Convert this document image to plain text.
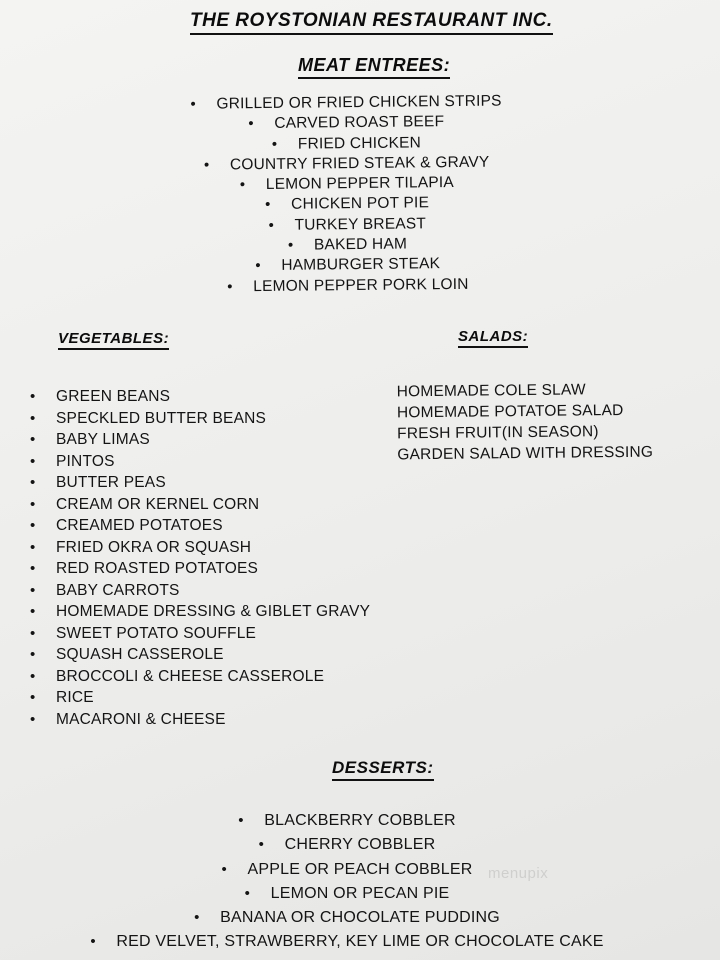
THE ROYSTONIAN RESTAURANT INC.
MEAT ENTREES:
• GRILLED OR FRIED CHICKEN STRIPS
• CARVED ROAST BEEF
• FRIED CHICKEN
• COUNTRY FRIED STEAK & GRAVY
• LEMON PEPPER TILAPIA
• CHICKEN POT PIE
• TURKEY BREAST
• BAKED HAM
• HAMBURGER STEAK
• LEMON PEPPER PORK LOIN
VEGETABLES:
• GREEN BEANS
• SPECKLED BUTTER BEANS
• BABY LIMAS
• PINTOS
• BUTTER PEAS
• CREAM OR KERNEL CORN
• CREAMED POTATOES
• FRIED OKRA OR SQUASH
• RED ROASTED POTATOES
• BABY CARROTS
• HOMEMADE DRESSING & GIBLET GRAVY
• SWEET POTATO SOUFFLE
• SQUASH CASSEROLE
• BROCCOLI & CHEESE CASSEROLE
• RICE
• MACARONI & CHEESE
SALADS:
HOMEMADE COLE SLAW
HOMEMADE POTATOE SALAD
FRESH FRUIT(IN SEASON)
GARDEN SALAD WITH DRESSING
DESSERTS:
• BLACKBERRY COBBLER
• CHERRY COBBLER
• APPLE OR PEACH COBBLER
• LEMON OR PECAN PIE
• BANANA OR CHOCOLATE PUDDING
• RED VELVET, STRAWBERRY, KEY LIME OR CHOCOLATE CAKE
menupix
